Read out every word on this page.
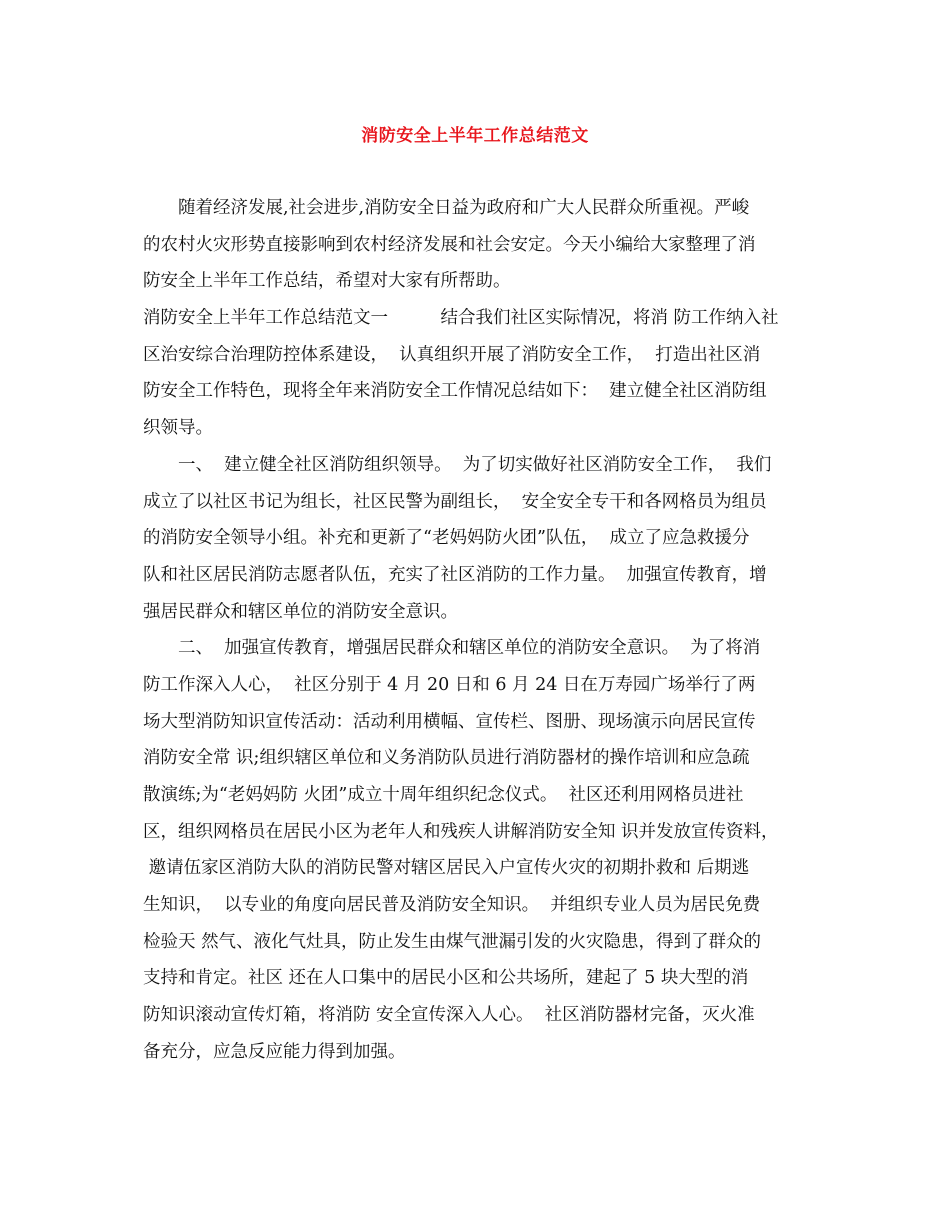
消防安全上半年工作总结范文
　　随着经济发展,社会进步,消防安全日益为政府和广大人民群众所重视。严峻
的农村火灾形势直接影响到农村经济发展和社会安定。今天小编给大家整理了消
防安全上半年工作总结，希望对大家有所帮助。
消防安全上半年工作总结范文一　　　结合我们社区实际情况，将消 防工作纳入社
区治安综合治理防控体系建设，  认真组织开展了消防安全工作，  打造出社区消
防安全工作特色，现将全年来消防安全工作情况总结如下：  建立健全社区消防组
织领导。
　　一、  建立健全社区消防组织领导。  为了切实做好社区消防安全工作，  我们
成立了以社区书记为组长，社区民警为副组长，  安全安全专干和各网格员为组员
的消防安全领导小组。补充和更新了“老妈妈防火团”队伍，  成立了应急救援分
队和社区居民消防志愿者队伍，充实了社区消防的工作力量。  加强宣传教育，增
强居民群众和辖区单位的消防安全意识。
　　二、  加强宣传教育，增强居民群众和辖区单位的消防安全意识。  为了将消
防工作深入人心，  社区分别于 4 月 20 日和 6 月 24 日在万寿园广场举行了两
场大型消防知识宣传活动：活动利用横幅、宣传栏、图册、现场演示向居民宣传
消防安全常 识;组织辖区单位和义务消防队员进行消防器材的操作培训和应急疏
散演练;为“老妈妈防 火团”成立十周年组织纪念仪式。  社区还利用网格员进社
区，组织网格员在居民小区为老年人和残疾人讲解消防安全知 识并发放宣传资料，
邀请伍家区消防大队的消防民警对辖区居民入户宣传火灾的初期扑救和 后期逃
生知识，  以专业的角度向居民普及消防安全知识。  并组织专业人员为居民免费
检验天 然气、液化气灶具，防止发生由煤气泄漏引发的火灾隐患，得到了群众的
支持和肯定。社区 还在人口集中的居民小区和公共场所，建起了 5 块大型的消
防知识滚动宣传灯箱，将消防 安全宣传深入人心。  社区消防器材完备，灭火准
备充分，应急反应能力得到加强。
